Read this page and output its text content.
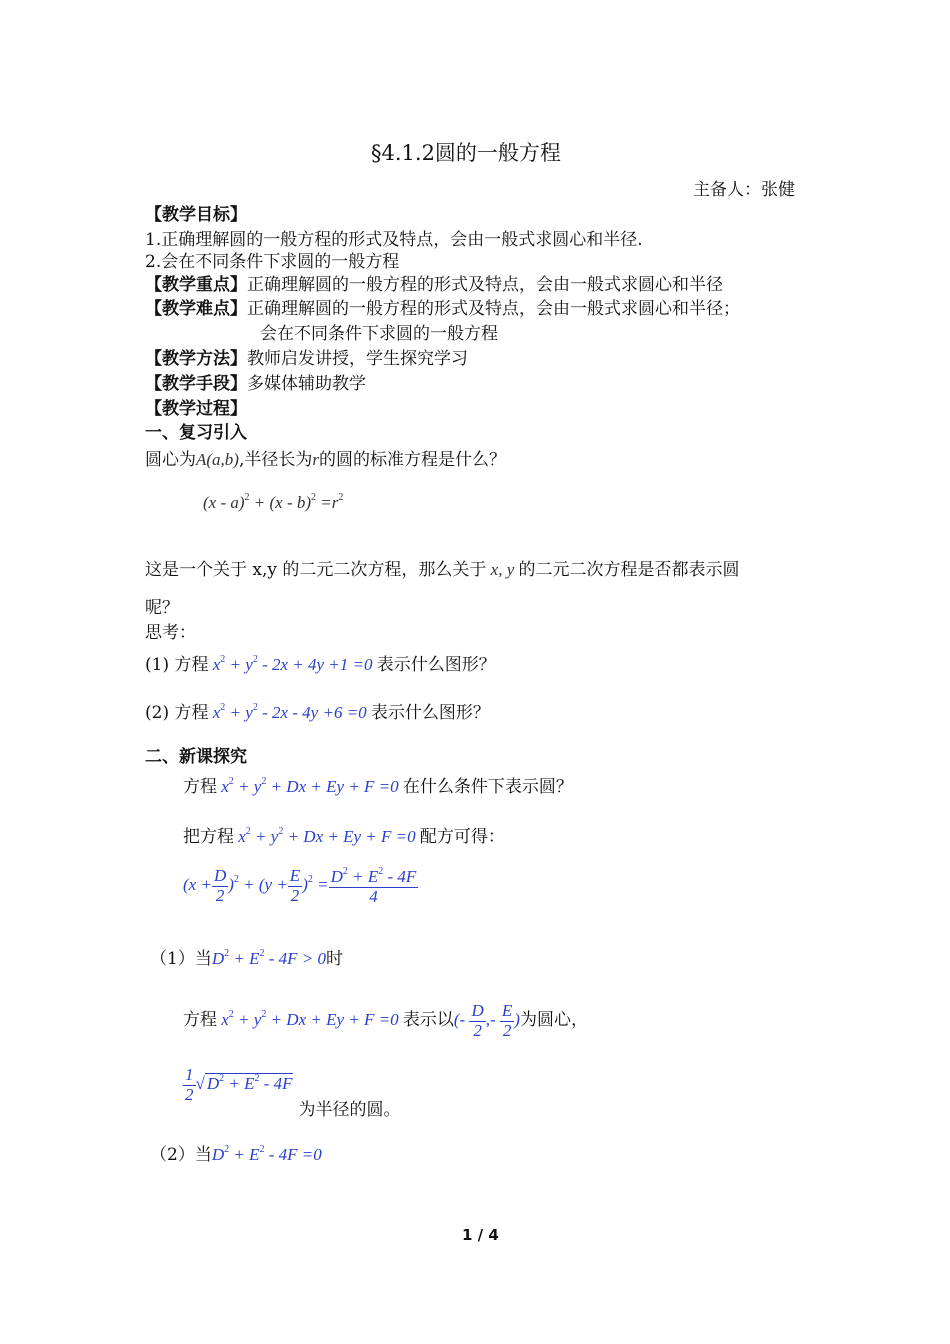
§4.1.2圆的一般方程
主备人：张健
【教学目标】
1.正确理解圆的一般方程的形式及特点，会由一般式求圆心和半径.
2.会在不同条件下求圆的一般方程
【教学重点】正确理解圆的一般方程的形式及特点，会由一般式求圆心和半径
【教学难点】正确理解圆的一般方程的形式及特点，会由一般式求圆心和半径；
会在不同条件下求圆的一般方程
【教学方法】教师启发讲授，学生探究学习
【教学手段】多媒体辅助教学
【教学过程】
一、复习引入
圆心为A(a,b),半径长为r的圆的标准方程是什么？
$(x - a)^2 + (x - b)^2 =r^2$
这是一个关于 x,y 的二元二次方程，那么关于 x, y 的二元二次方程是否都表示圆
呢？
思考：
(1) 方程 $x^2 + y^2 - 2x + 4y +1 =0$ 表示什么图形？
(2) 方程 $x^2 + y^2 - 2x - 4y +6 =0$ 表示什么图形？
二、新课探究
方程 $x^2 + y^2 + Dx + Ey + F =0$ 在什么条件下表示圆？
把方程 $x^2 + y^2 + Dx + Ey + F =0$ 配方可得：
$(x + \frac{D}{2} )^2 + (y + \frac{E}{2} )^2 = \frac{D^2 + E^2 - 4F}{4}$
（1）当$D^2 + E^2 - 4F > 0$时
方程 $x^2 + y^2 + Dx + Ey + F =0$ 表示以(- $\frac{D}{2}$ ,- $\frac{E}{2}$ )为圆心，
$\frac{1}{2}$ √ $D^2 + E^2 - 4F$为半径的圆。
（2）当$D^2 + E^2 - 4F =0$
1 / 4
